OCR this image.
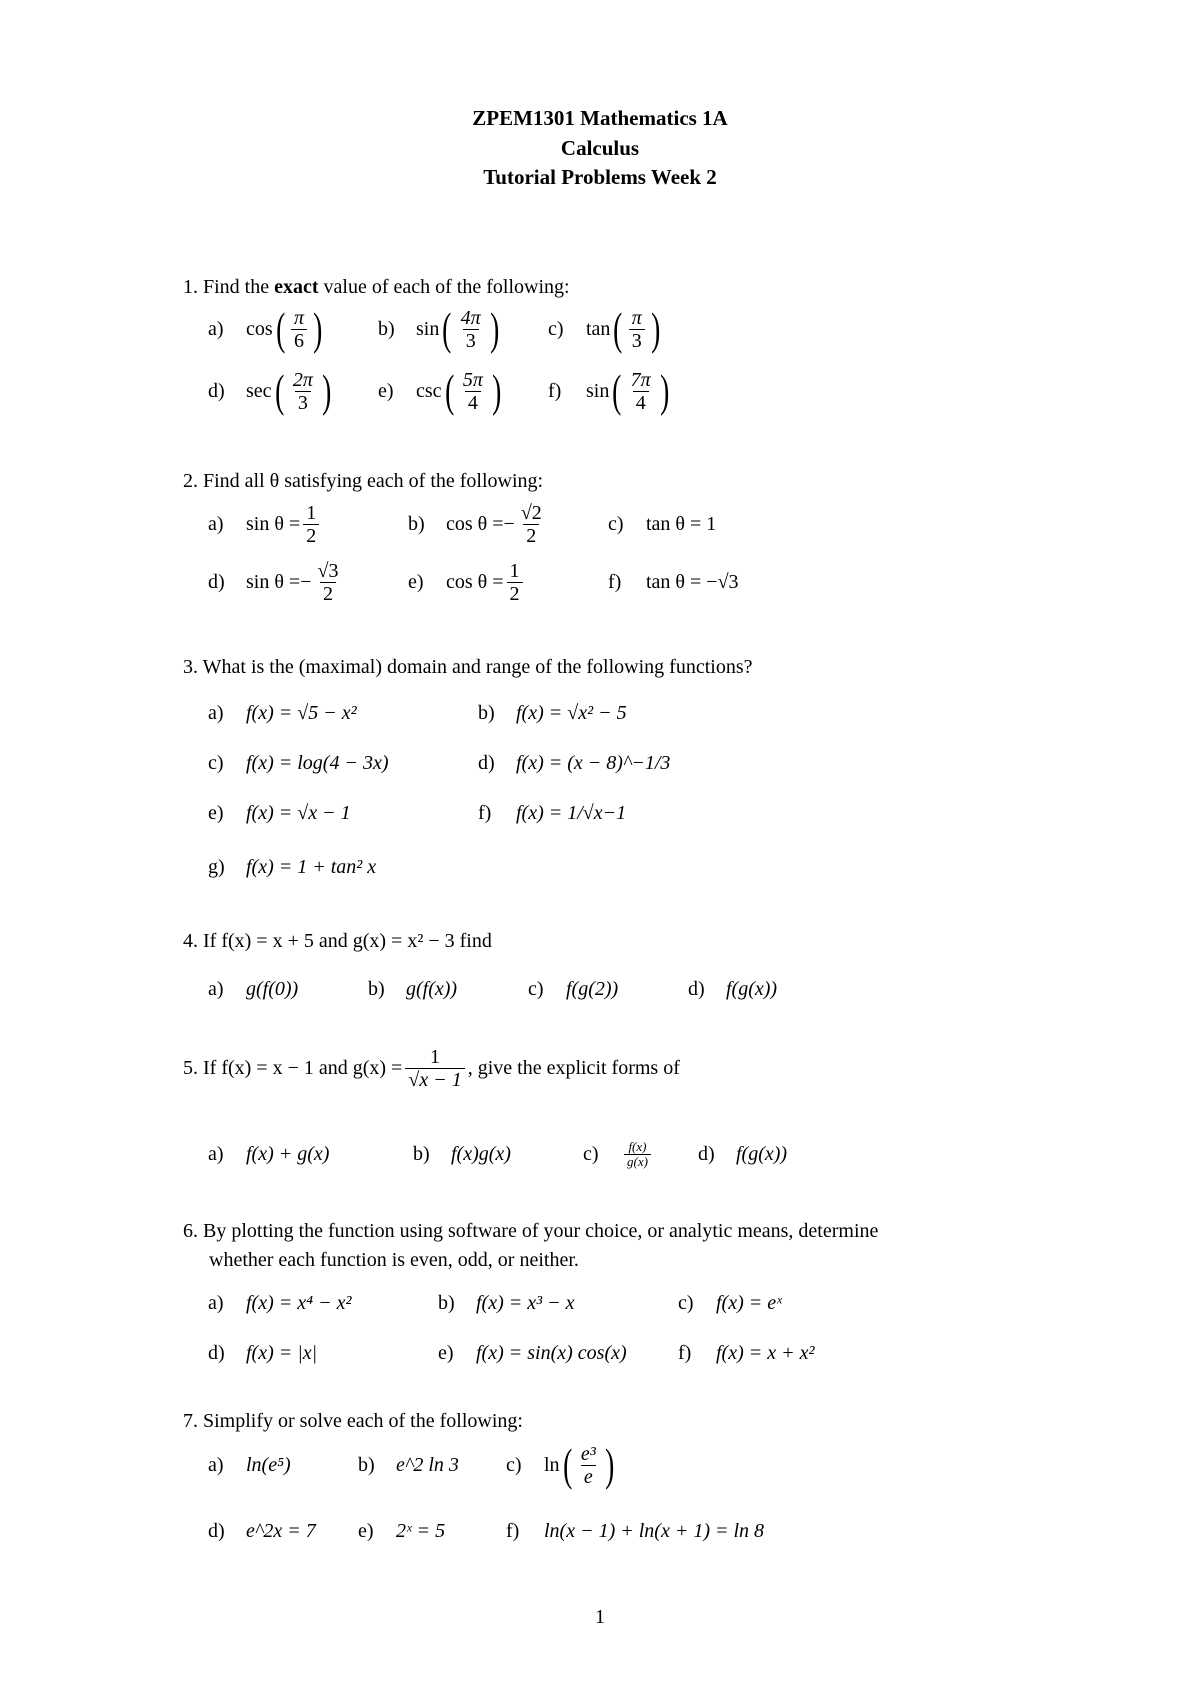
ZPEM1301 Mathematics 1A
Calculus
Tutorial Problems Week 2
1. Find the exact value of each of the following:
a)	cos ( $\frac{\pi}{6}$ )	b)	sin ( $\frac{4\pi}{3}$ ) c)	tan ( $\frac{\pi}{3}$ )
d)	sec ( $\frac{2\pi}{3}$ ) e)	csc ( $\frac{5\pi}{4}$ ) f)	sin ( $\frac{7\pi}{4}$ )
2. Find all θ satisfying each of the following:
a)	$\sin \theta = \frac{1}{2}$	b)	cos θ = − $\frac{√2}{2}$	c)	tan θ = 1
d)	sin θ = − $\frac{√3}{2}$	e)	$\cos \theta = \frac{1}{2}$	f)	tan θ = −√3
3. What is the (maximal) domain and range of the following functions?
a)	f(x) = √5 − x²	b)	f(x) = √x² − 5
c)	f(x) = log(4 − 3x)	d)	f(x) = (x − 8)^−1/3
e)	f(x) = √x − 1	f)	f(x) = 1/√x−1
g)	f(x) = 1 + tan² x
4. If f(x) = x + 5 and g(x) = x² − 3 find
a)	g(f(0))	b)	g(f(x))	c)	f(g(2))	d)	f(g(x))
5.
If f(x) = x − 1 and $g(x) = \frac{1}{√x - 1}$ , give the explicit forms of
a)	f(x) + g(x)	b)	f(x)g(x)	c)	$\frac{f(x)}{g(x)} d$)	f(g(x))
6. By plotting the function using software of your choice, or analytic means, determine
whether each function is even, odd, or neither.
a)	f(x) = x⁴ − x²	b)	f(x) = x³ − x	c)	f(x) = eˣ
d)	f(x) = |x|	e)	f(x) = sin(x) cos(x)	f)	f(x) = x + x²
7. Simplify or solve each of the following:
a)	ln(e⁵)	b)	e^2 ln 3 c)	ln ( $\frac{\text{e³}}{e}$ )
d)	e^2x = 7 e)	2ˣ = 5	f)	ln(x − 1) + ln(x + 1) = ln 8
1
